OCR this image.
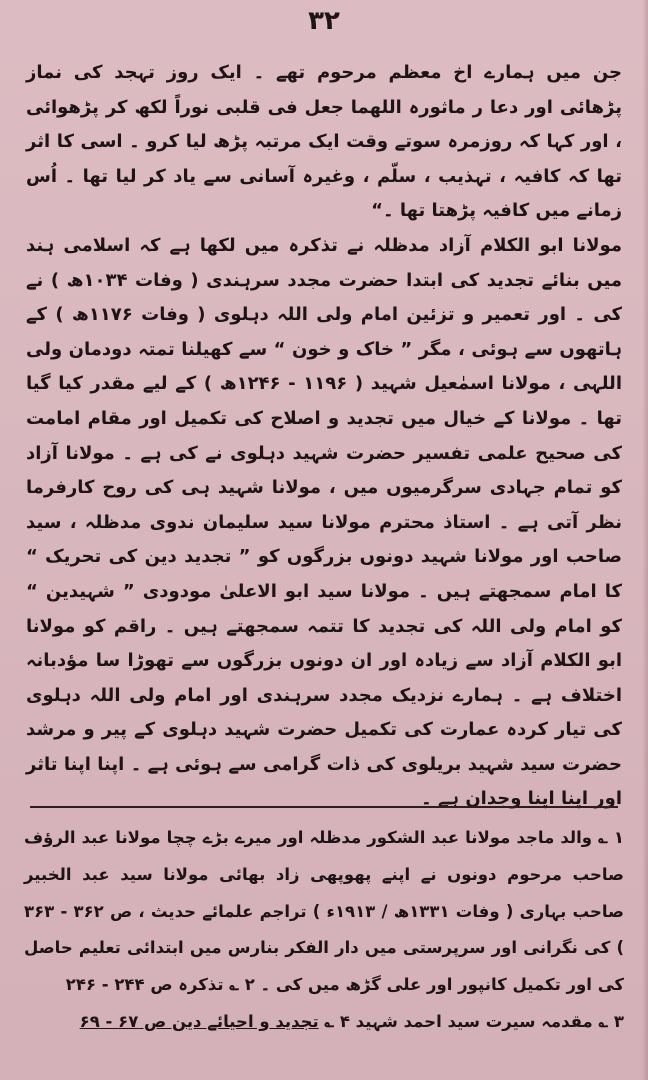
۳۲

جن میں ہمارے اخ معظم مرحوم تھے ۔ ایک روز تہجد کی نماز پڑھائی اور دعا ر ماثورہ اللهما جعل فی قلبی نوراً لکھ کر پڑھوائی ، اور کہا کہ روزمرہ سوتے وقت ایک مرتبہ پڑھ لیا کرو ۔ اسی کا اثر تھا کہ کافیہ ، تہذیب ، سلّم ، وغیرہ آسانی سے یاد کر لیا تھا ۔ اُس زمانے میں کافیہ پڑھتا تھا ۔“

مولانا ابو الکلام آزاد مدظلہ نے تذکرہ میں لکھا ہے کہ اسلامی ہند میں بنائے تجدید کی ابتدا حضرت مجدد سرہندی ( وفات ۱۰۳۴ھ ) نے کی ۔ اور تعمیر و تزئین امام ولی اللہ دہلوی ( وفات ۱۱۷۶ھ ) کے ہاتھوں سے ہوئی ، مگر ” خاک و خون “ سے کھیلنا تمتہ دودمان ولی اللہی ، مولانا اسمٰعیل شہید ( ۱۱۹۶ - ۱۲۴۶ھ ) کے لیے مقدر کیا گیا تھا ۔ مولانا کے خیال میں تجدید و اصلاح کی تکمیل اور مقام امامت کی صحیح علمی تفسیر حضرت شہید دہلوی نے کی ہے ۔ مولانا آزاد کو تمام جہادی سرگرمیوں میں ، مولانا شہید ہی کی روح کارفرما نظر آتی ہے ۔ استاذ محترم مولانا سید سلیمان ندوی مدظلہ ، سید صاحب اور مولانا شہید دونوں بزرگوں کو ” تجدید دین کی تحریک “ کا امام سمجھتے ہیں ۔ مولانا سید ابو الاعلیٰ مودودی ” شہیدین “ کو امام ولی اللہ کی تجدید کا تتمہ سمجھتے ہیں ۔ راقم کو مولانا ابو الکلام آزاد سے زیادہ اور ان دونوں بزرگوں سے تھوڑا سا مؤدبانہ اختلاف ہے ۔ ہمارے نزدیک مجدد سرہندی اور امام ولی اللہ دہلوی کی تیار کردہ عمارت کی تکمیل حضرت شہید دہلوی کے پیر و مرشد حضرت سید شہید بریلوی کی ذات گرامی سے ہوئی ہے ۔ اپنا اپنا تاثر اور اپنا اپنا وجدان ہے ۔

۱ ؎ والد ماجد مولانا عبد الشکور مدظلہ اور میرے بڑے چچا مولانا عبد الرؤف صاحب مرحوم دونوں نے اپنے پھوپھی زاد بھائی مولانا سید عبد الخبیر صاحب بہاری ( وفات ۱۳۳۱ھ / ۱۹۱۳ء ) تراجم علمائے حدیث ، ص ۳۶۲ - ۳۶۳ ) کی نگرانی اور سرپرستی میں دار الفکر بنارس میں ابتدائی تعلیم حاصل کی اور تکمیل کانپور اور علی گڑھ میں کی ۔ ۲ ؎ تذکرہ ص ۲۴۴ - ۲۴۶

۳ ؎ مقدمہ سیرت سید احمد شہید ۴ ؎ تجدید و احیائے دین ص ۶۷ - ۶۹
